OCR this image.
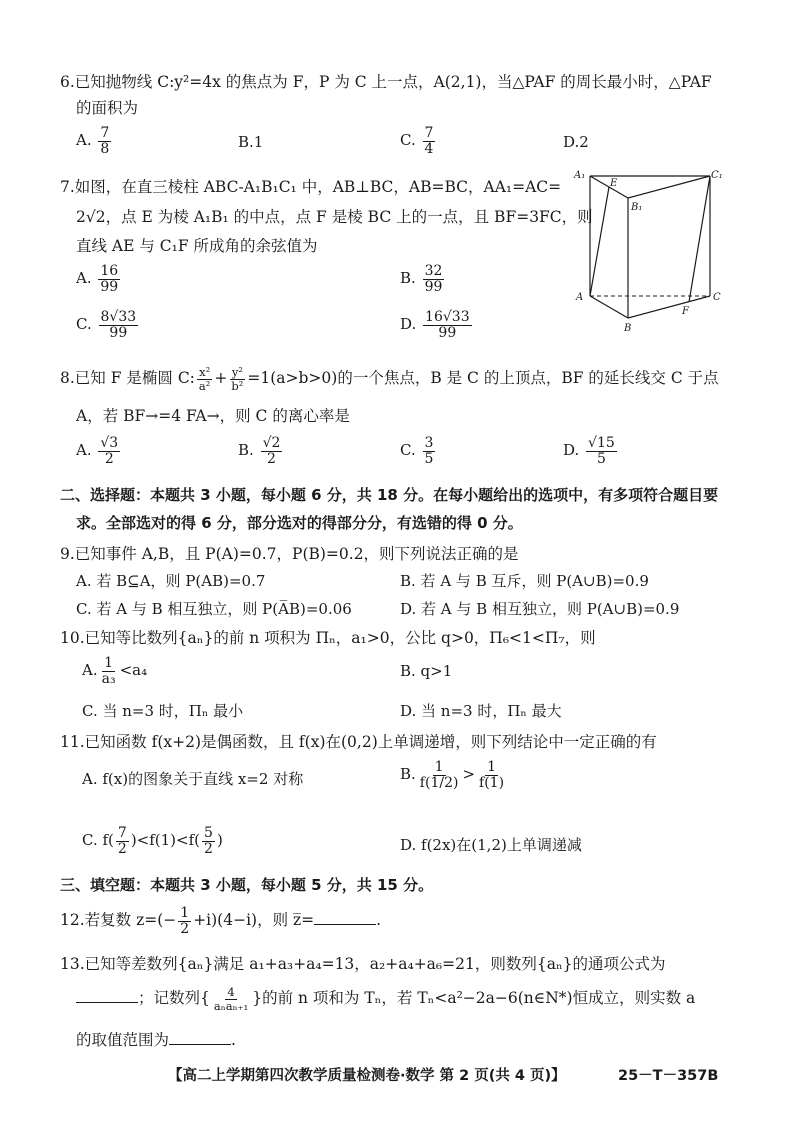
6.已知抛物线 C:y²=4x 的焦点为 F，P 为 C 上一点，A(2,1)，当△PAF 的周长最小时，△PAF
的面积为
A. $\frac{7}{8}$	B.1	C. $\frac{7}{4}$	D.2
7.如图，在直三棱柱 ABC-A₁B₁C₁ 中，AB⊥BC，AB=BC，AA₁=AC=
2√2，点 E 为棱 A₁B₁ 的中点，点 F 是棱 BC 上的一点，且 BF=3FC，则
直线 AE 与 C₁F 所成角的余弦值为
A. $\frac{16}{99}$	B. $\frac{32}{99}$
C. $\frac{8√33}{99}$	D. $\frac{16√33}{99}$
A₁
E
B₁
C₁
A
B
C
F
8.已知 F 是椭圆 C: $\frac{\text{x²}}{\text{a²}} + \frac{\text{y²}}{\text{b²}} =1(a>b>0)$的一个焦点，B 是 C 的上顶点，BF 的延长线交 C 于点
A，若 BF→=4 FA→，则 C 的离心率是
A. $\frac{√3}{2}$	B. $\frac{√2}{2}$	C. $\frac{3}{5}$	D. $\frac{√15}{5}$
二、选择题：本题共 3 小题，每小题 6 分，共 18 分。在每小题给出的选项中，有多项符合题目要
求。全部选对的得 6 分，部分选对的得部分分，有选错的得 0 分。
9.已知事件 A,B，且 P(A)=0.7，P(B)=0.2，则下列说法正确的是
A. 若 B⊆A，则 P(AB)=0.7	B. 若 A 与 B 互斥，则 P(A∪B)=0.9
C. 若 A 与 B 相互独立，则 P(A̅B)=0.06	D. 若 A 与 B 相互独立，则 P(A∪B)=0.9
10.已知等比数列{aₙ}的前 n 项积为 Πₙ，a₁>0，公比 q>0，Π₆<1<Π₇，则
A. $\frac{1}{\text{a₃}} <a_4$	B. q>1
C. 当 n=3 时，Πₙ 最小	D. 当 n=3 时，Πₙ 最大
11.已知函数 f(x+2)是偶函数，且 f(x)在(0,2)上单调递增，则下列结论中一定正确的有
A. f(x)的图象关于直线 x=2 对称	B. $\frac{1}{f(1/2)} > \frac{1}{f(1)}$
C. $f( \frac{7}{2} )<f(1)<f( \frac{5}{2}$ )	D. f(2x)在(1,2)上单调递减
三、填空题：本题共 3 小题，每小题 5 分，共 15 分。
12.若复数 $z=(- \frac{1}{2} +i)(4-i)$，则 z̅=	.
13.已知等差数列{aₙ}满足 a₁+a₃+a₄=13，a₂+a₄+a₆=21，则数列{aₙ}的通项公式为
；记数列{ $\frac{4}{\text{aₙaₙ₊₁}}$ }的前 n 项和为 Tₙ，若 Tₙ<a²−2a−6(n∈N*)恒成立，则实数 a
的取值范围为	.
【高二上学期第四次教学质量检测卷·数学 第 2 页(共 4 页)】	25－T－357B
